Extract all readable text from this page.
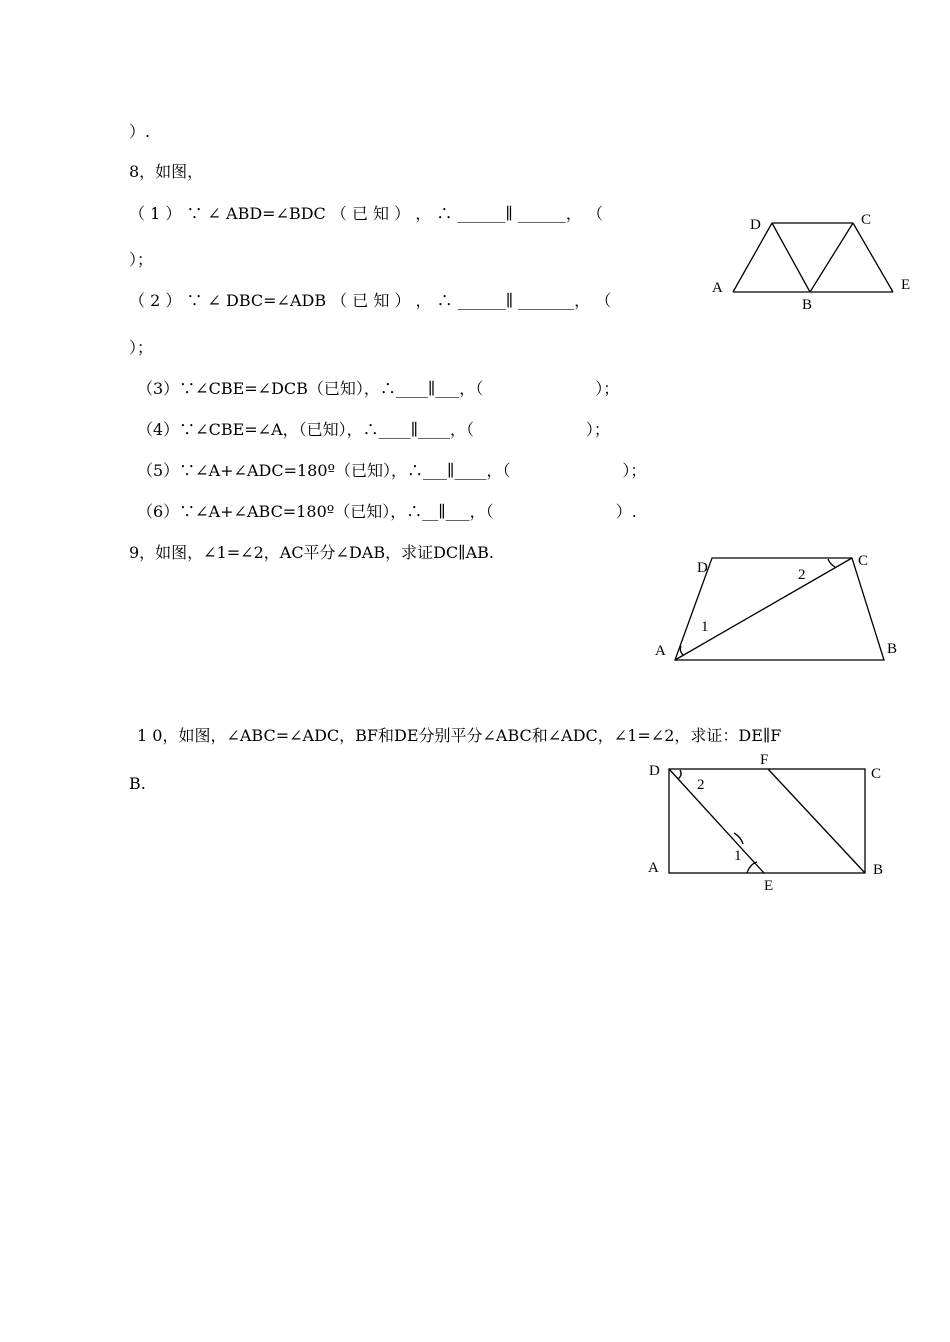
）.
8，如图，
（ 1 ） ∵ ∠ ABD=∠BDC （ 已 知 ） ， ∴ ______∥ ______， （
）；
（ 2 ） ∵ ∠ DBC=∠ADB （ 已 知 ） ， ∴ ______∥ _______， （
）；
（3）∵∠CBE=∠DCB（已知），∴____∥___，（                      ）；
（4）∵∠CBE=∠A，（已知），∴____∥____，（                      ）；
（5）∵∠A+∠ADC=180º（已知），∴___∥____，（                      ）；
（6）∵∠A+∠ABC=180º（已知），∴__∥___，（                        ）.
9，如图，∠1=∠2，AC平分∠DAB，求证DC∥AB.
1 0，如图，∠ABC=∠ADC，BF和DE分别平分∠ABC和∠ADC，∠1=∠2，求证：DE∥F
B.
D	C
A
B
E
D	C
A	B
1
2
D
F
C
A	B
E
2
1
